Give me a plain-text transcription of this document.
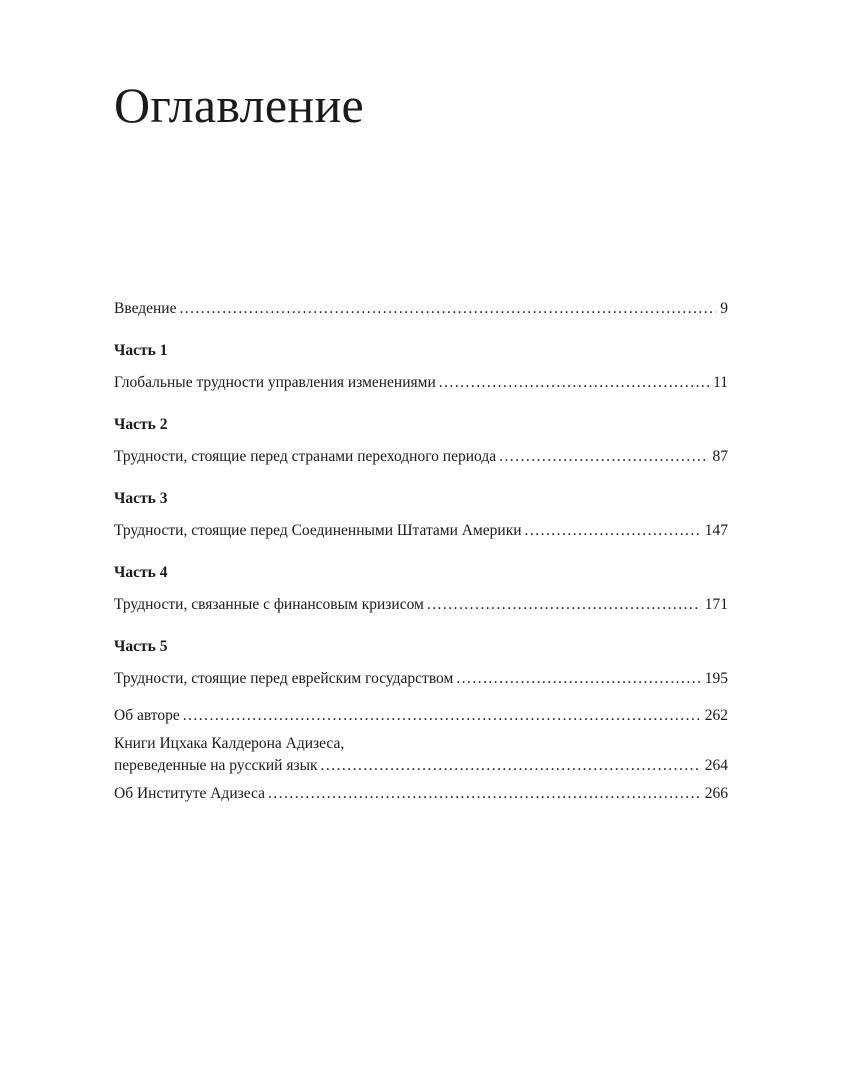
Оглавление
Введение . . .	9
Часть 1
Глобальные трудности управления изменениями . . .	11
Часть 2
Трудности, стоящие перед странами переходного периода . . .	87
Часть 3
Трудности, стоящие перед Соединенными Штатами Америки . . .	147
Часть 4
Трудности, связанные с финансовым кризисом . . .	171
Часть 5
Трудности, стоящие перед еврейским государством . . .	195
Об авторе . . .	262
Книги Ицхака Калдерона Адизеса,
переведенные на русский язык . . .	264
Об Институте Адизеса . . .	266
